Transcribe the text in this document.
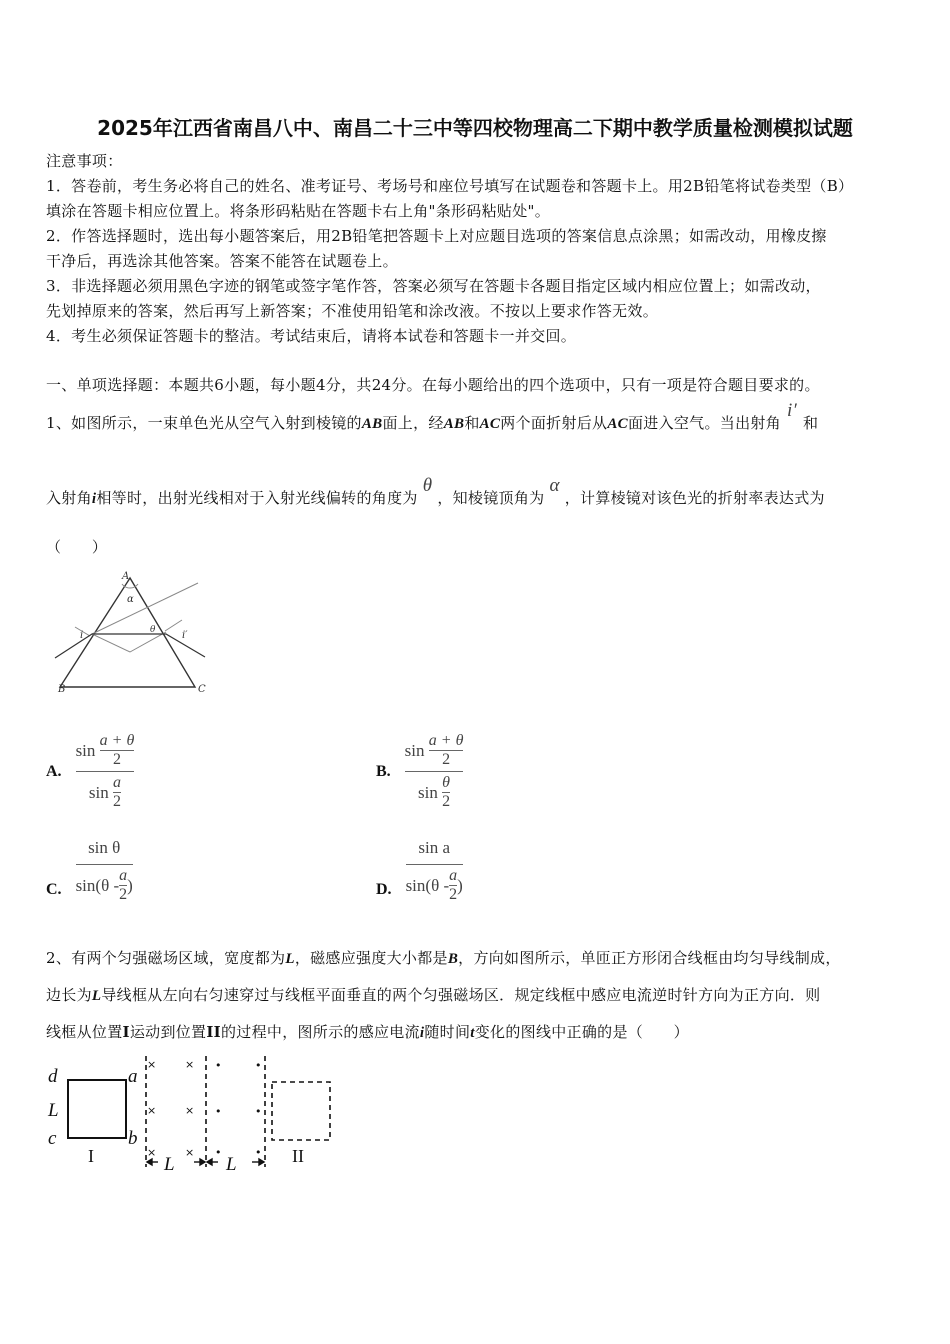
2025年江西省南昌八中、南昌二十三中等四校物理高二下期中教学质量检测模拟试题
注意事项：
1．答卷前，考生务必将自己的姓名、准考证号、考场号和座位号填写在试题卷和答题卡上。用2B铅笔将试卷类型（B）
填涂在答题卡相应位置上。将条形码粘贴在答题卡右上角"条形码粘贴处"。
2．作答选择题时，选出每小题答案后，用2B铅笔把答题卡上对应题目选项的答案信息点涂黑；如需改动，用橡皮擦
干净后，再选涂其他答案。答案不能答在试题卷上。
3．非选择题必须用黑色字迹的钢笔或签字笔作答，答案必须写在答题卡各题目指定区域内相应位置上；如需改动，
先划掉原来的答案，然后再写上新答案；不准使用铅笔和涂改液。不按以上要求作答无效。
4．考生必须保证答题卡的整洁。考试结束后，请将本试卷和答题卡一并交回。
一、单项选择题：本题共6小题，每小题4分，共24分。在每小题给出的四个选项中，只有一项是符合题目要求的。
1、如图所示，一束单色光从空气入射到棱镜的AB面上，经AB和AC两个面折射后从AC面进入空气。当出射角i′和
入射角i相等时，出射光线相对于入射光线偏转的角度为θ，知棱镜顶角为α，计算棱镜对该色光的折射率表达式为
（　　）
A
B	C
α
θ
i	i′
A. sin
$\frac{a + \theta}{2}$
sin
$\frac{a}{2}$	B. sin
$\frac{a + \theta}{2}$
sin
$\frac{\theta}{2}$
C. $\frac{\text{sin θ}}{\sin(\theta - \frac{a}{2} )}$	D. $\frac{\text{sin a}}{\sin(\theta - \frac{a}{2} )}$
2、有两个匀强磁场区域，宽度都为L，磁感应强度大小都是B，方向如图所示，单匝正方形闭合线框由均匀导线制成，
边长为L导线框从左向右匀速穿过与线框平面垂直的两个匀强磁场区．规定线框中感应电流逆时针方向为正方向．则
线框从位置I运动到位置II的过程中，图所示的感应电流i随时间t变化的图线中正确的是（　　）
d	a
L
c	b
L	L
I	II
×
×
×
×
×
×
•
•
•
•
•
•
